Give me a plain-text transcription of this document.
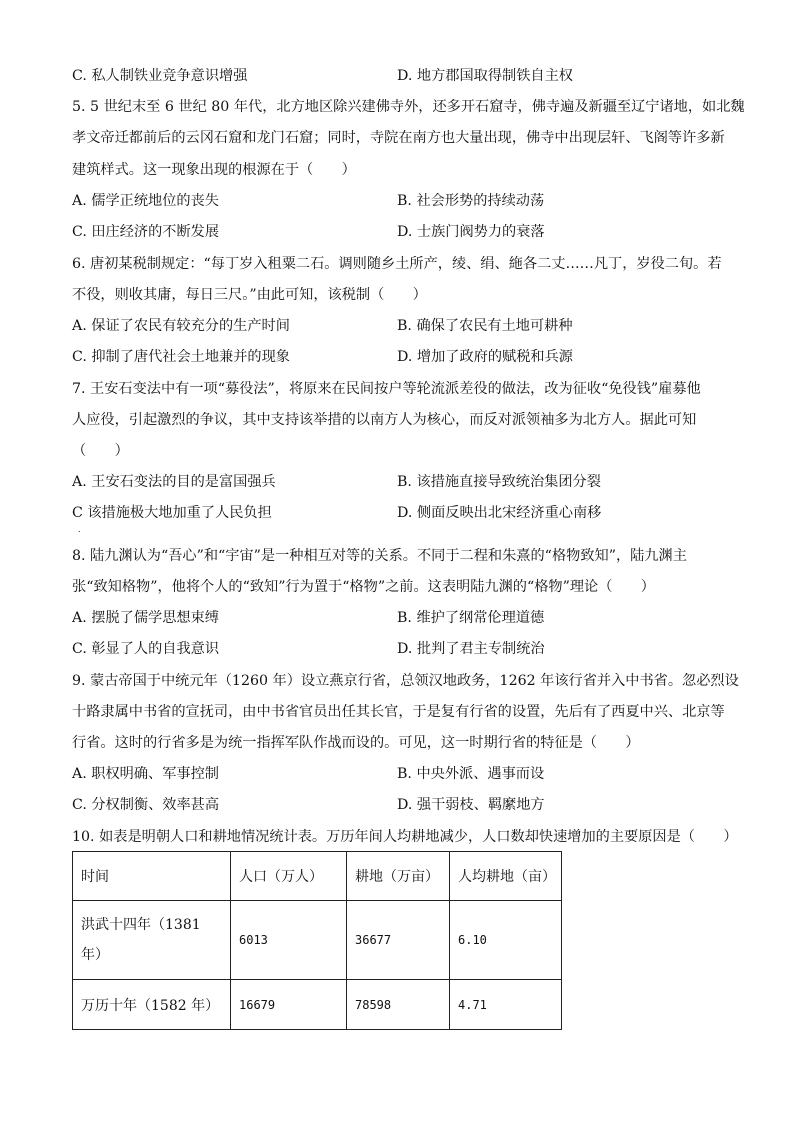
C. 私人制铁业竞争意识增强	D. 地方郡国取得制铁自主权
5. 5 世纪末至 6 世纪 80 年代，北方地区除兴建佛寺外，还多开石窟寺，佛寺遍及新疆至辽宁诸地，如北魏
孝文帝迁都前后的云冈石窟和龙门石窟；同时，寺院在南方也大量出现，佛寺中出现层轩、飞阁等许多新
建筑样式。这一现象出现的根源在于（　　）
A. 儒学正统地位的丧失	B. 社会形势的持续动荡
C. 田庄经济的不断发展	D. 士族门阀势力的衰落
6. 唐初某税制规定：“每丁岁入租粟二石。调则随乡土所产，绫、绢、絁各二丈……凡丁，岁役二旬。若
不役，则收其庸，每日三尺。”由此可知，该税制（　　）
A. 保证了农民有较充分的生产时间	B. 确保了农民有土地可耕种
C. 抑制了唐代社会土地兼并的现象	D. 增加了政府的赋税和兵源
7. 王安石变法中有一项“募役法”，将原来在民间按户等轮流派差役的做法，改为征收“免役钱”雇募他
人应役，引起激烈的争议，其中支持该举措的以南方人为核心，而反对派领袖多为北方人。据此可知
（　　）
A. 王安石变法的目的是富国强兵	B. 该措施直接导致统治集团分裂
C 该措施极大地加重了人民负担	D. 侧面反映出北宋经济重心南移
.
8. 陆九渊认为“吾心”和“宇宙”是一种相互对等的关系。不同于二程和朱熹的“格物致知”，陆九渊主
张“致知格物”，他将个人的“致知”行为置于“格物”之前。这表明陆九渊的“格物”理论（　　）
A. 摆脱了儒学思想束缚	B. 维护了纲常伦理道德
C. 彰显了人的自我意识	D. 批判了君主专制统治
9. 蒙古帝国于中统元年（1260 年）设立燕京行省，总领汉地政务，1262 年该行省并入中书省。忽必烈设
十路隶属中书省的宣抚司，由中书省官员出任其长官，于是复有行省的设置，先后有了西夏中兴、北京等
行省。这时的行省多是为统一指挥军队作战而设的。可见，这一时期行省的特征是（　　）
A. 职权明确、军事控制	B. 中央外派、遇事而设
C. 分权制衡、效率甚高	D. 强干弱枝、羁縻地方
10. 如表是明朝人口和耕地情况统计表。万历年间人均耕地减少，人口数却快速增加的主要原因是（　　）
时间	人口（万人）	耕地（万亩）	人均耕地（亩）
洪武十四年（1381 年）	6013	36677	6.10
万历十年（1582 年）	16679	78598	4.71
